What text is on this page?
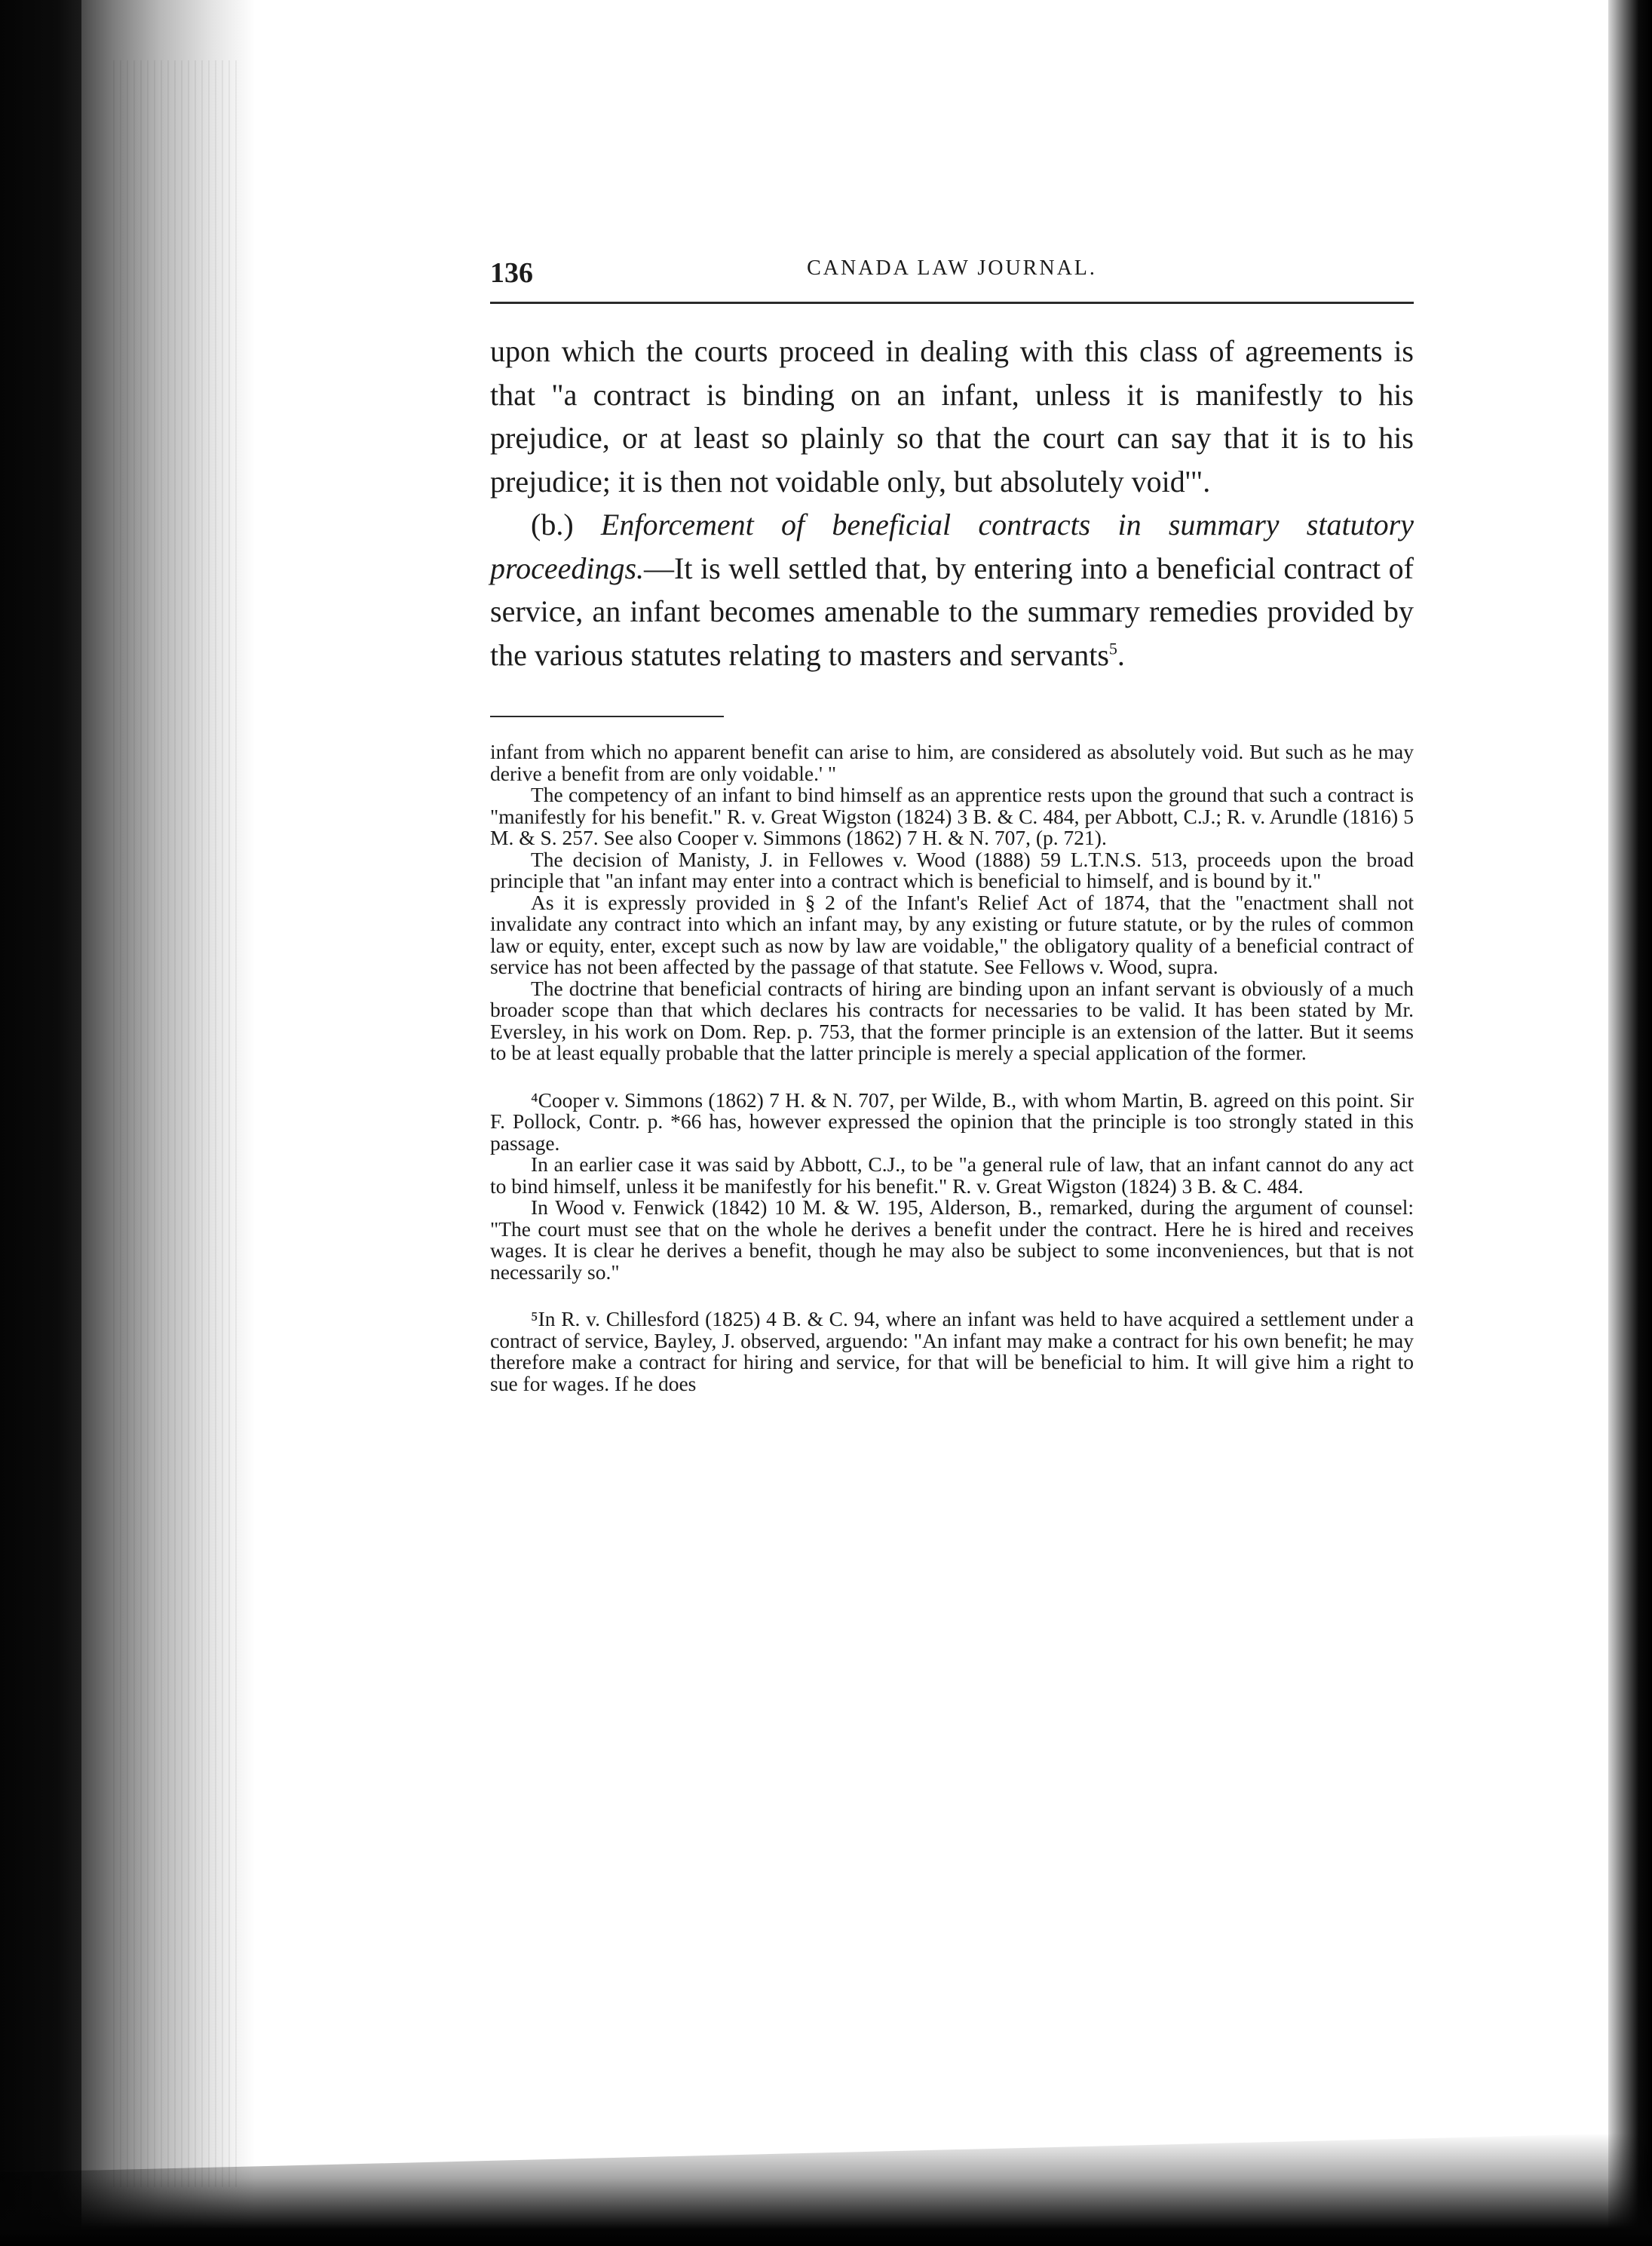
136	CANADA LAW JOURNAL.

upon which the courts proceed in dealing with this class of agreements is that "a contract is binding on an infant, unless it is manifestly to his prejudice, or at least so plainly so that the court can say that it is to his prejudice; it is then not voidable only, but absolutely void'".

(b.) Enforcement of beneficial contracts in summary statutory proceedings.—It is well settled that, by entering into a beneficial contract of service, an infant becomes amenable to the summary remedies provided by the various statutes relating to masters and servants$^5$.

infant from which no apparent benefit can arise to him, are considered as absolutely void. But such as he may derive a benefit from are only voidable.' "

The competency of an infant to bind himself as an apprentice rests upon the ground that such a contract is "manifestly for his benefit." R. v. Great Wigston (1824) 3 B. & C. 484, per Abbott, C.J.; R. v. Arundle (1816) 5 M. & S. 257. See also Cooper v. Simmons (1862) 7 H. & N. 707, (p. 721).

The decision of Manisty, J. in Fellowes v. Wood (1888) 59 L.T.N.S. 513, proceeds upon the broad principle that "an infant may enter into a contract which is beneficial to himself, and is bound by it."

As it is expressly provided in § 2 of the Infant's Relief Act of 1874, that the "enactment shall not invalidate any contract into which an infant may, by any existing or future statute, or by the rules of common law or equity, enter, except such as now by law are voidable," the obligatory quality of a beneficial contract of service has not been affected by the passage of that statute. See Fellows v. Wood, supra.

The doctrine that beneficial contracts of hiring are binding upon an infant servant is obviously of a much broader scope than that which declares his contracts for necessaries to be valid. It has been stated by Mr. Eversley, in his work on Dom. Rep. p. 753, that the former principle is an extension of the latter. But it seems to be at least equally probable that the latter principle is merely a special application of the former.

⁴Cooper v. Simmons (1862) 7 H. & N. 707, per Wilde, B., with whom Martin, B. agreed on this point. Sir F. Pollock, Contr. p. *66 has, however expressed the opinion that the principle is too strongly stated in this passage.

In an earlier case it was said by Abbott, C.J., to be "a general rule of law, that an infant cannot do any act to bind himself, unless it be manifestly for his benefit." R. v. Great Wigston (1824) 3 B. & C. 484.

In Wood v. Fenwick (1842) 10 M. & W. 195, Alderson, B., remarked, during the argument of counsel: "The court must see that on the whole he derives a benefit under the contract. Here he is hired and receives wages. It is clear he derives a benefit, though he may also be subject to some inconveniences, but that is not necessarily so."

⁵In R. v. Chillesford (1825) 4 B. & C. 94, where an infant was held to have acquired a settlement under a contract of service, Bayley, J. observed, arguendo: "An infant may make a contract for his own benefit; he may therefore make a contract for hiring and service, for that will be beneficial to him. It will give him a right to sue for wages. If he does
